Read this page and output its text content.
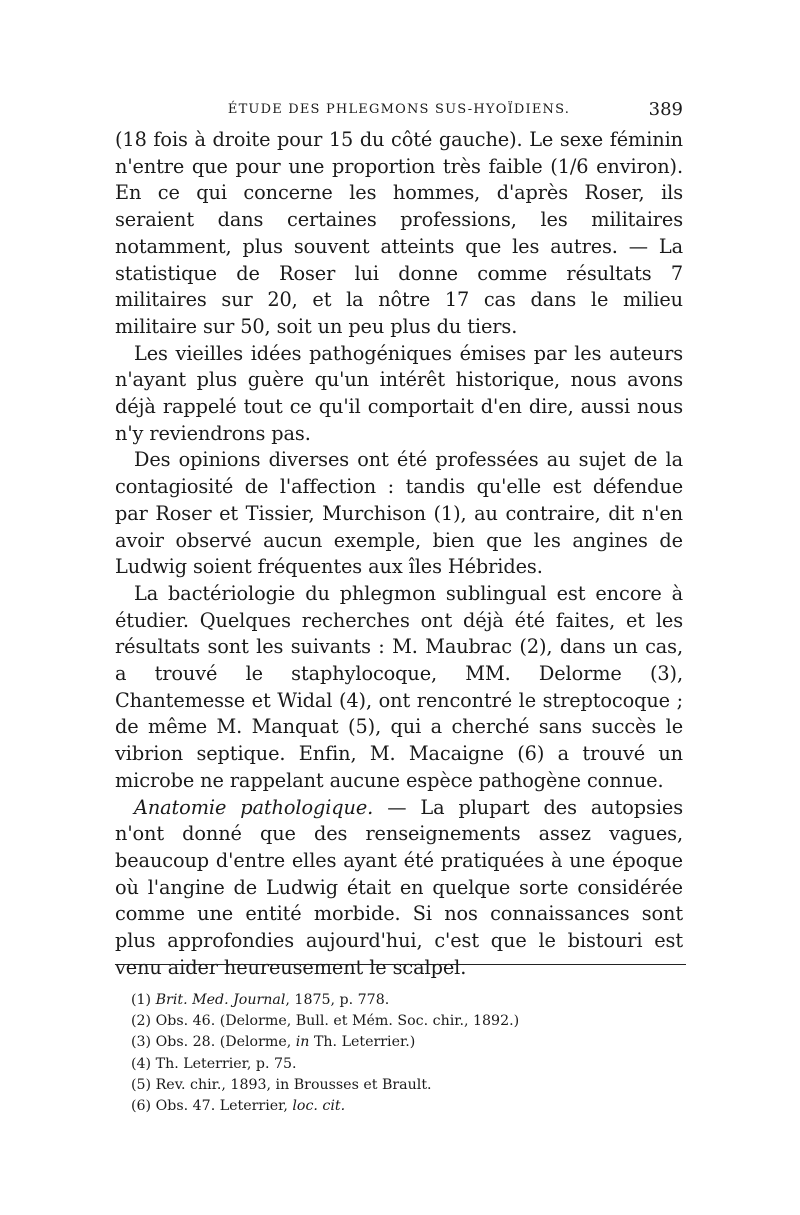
ÉTUDE DES PHLEGMONS SUS-HYOÏDIENS.	389

(18 fois à droite pour 15 du côté gauche). Le sexe féminin n'entre que pour une proportion très faible (1/6 environ). En ce qui concerne les hommes, d'après Roser, ils seraient dans certaines professions, les militaires notamment, plus souvent atteints que les autres. — La statistique de Roser lui donne comme résultats 7 militaires sur 20, et la nôtre 17 cas dans le milieu militaire sur 50, soit un peu plus du tiers.

Les vieilles idées pathogéniques émises par les auteurs n'ayant plus guère qu'un intérêt historique, nous avons déjà rappelé tout ce qu'il comportait d'en dire, aussi nous n'y reviendrons pas.

Des opinions diverses ont été professées au sujet de la contagiosité de l'affection : tandis qu'elle est défendue par Roser et Tissier, Murchison (1), au contraire, dit n'en avoir observé aucun exemple, bien que les angines de Ludwig soient fréquentes aux îles Hébrides.

La bactériologie du phlegmon sublingual est encore à étudier. Quelques recherches ont déjà été faites, et les résultats sont les suivants : M. Maubrac (2), dans un cas, a trouvé le staphylocoque, MM. Delorme (3), Chantemesse et Widal (4), ont rencontré le streptocoque ; de même M. Manquat (5), qui a cherché sans succès le vibrion septique. Enfin, M. Macaigne (6) a trouvé un microbe ne rappelant aucune espèce pathogène connue.

Anatomie pathologique. — La plupart des autopsies n'ont donné que des renseignements assez vagues, beaucoup d'entre elles ayant été pratiquées à une époque où l'angine de Ludwig était en quelque sorte considérée comme une entité morbide. Si nos connaissances sont plus approfondies aujourd'hui, c'est que le bistouri est venu aider heureusement le scalpel.

(1) Brit. Med. Journal, 1875, p. 778.
(2) Obs. 46. (Delorme, Bull. et Mém. Soc. chir., 1892.)
(3) Obs. 28. (Delorme, in Th. Leterrier.)
(4) Th. Leterrier, p. 75.
(5) Rev. chir., 1893, in Brousses et Brault.
(6) Obs. 47. Leterrier, loc. cit.
